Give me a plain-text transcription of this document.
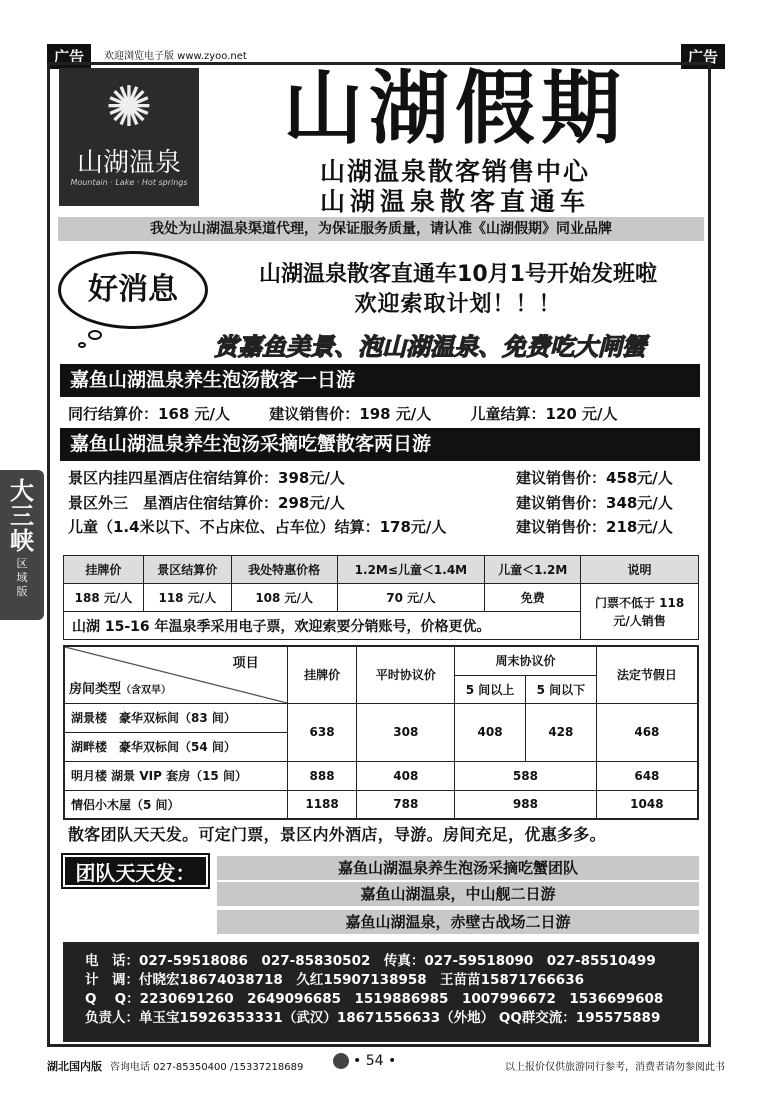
广告	欢迎浏览电子版 www.zyoo.net	广告
✺
山湖温泉
Mountain · Lake · Hot springs
山湖假期
山湖温泉散客销售中心
山湖温泉散客直通车
我处为山湖温泉渠道代理，为保证服务质量，请认准《山湖假期》同业品牌
好消息	山湖温泉散客直通车10月1号开始发班啦
欢迎索取计划！！！
赏嘉鱼美景、泡山湖温泉、免费吃大闸蟹
嘉鱼山湖温泉养生泡汤散客一日游
同行结算价：168 元/人	建议销售价：198 元/人	儿童结算：120 元/人
嘉鱼山湖温泉养生泡汤采摘吃蟹散客两日游
景区内挂四星酒店住宿结算价：398元/人	建议销售价：458元/人
景区外三　星酒店住宿结算价：298元/人	建议销售价：348元/人
儿童（1.4米以下、不占床位、占车位）结算：178元/人	建议销售价：218元/人
大
三
峡
区
域
版
挂牌价	景区结算价	我处特惠价格	1.2M≤儿童＜1.4M	儿童＜1.2M	说明
188 元/人	118 元/人	108 元/人	70 元/人	免费	门票不低于 118 元/人销售
山湖 15-16 年温泉季采用电子票，欢迎索要分销账号，价格更优。					
项目
房间类型（含双早）	挂牌价	平时协议价	周末协议价		法定节假日
			5 间以上	5 间以下	
湖景楼　豪华双标间（83 间）	638	308	408	428	468
湖畔楼　豪华双标间（54 间）					
明月楼 湖景 VIP 套房（15 间）	888	408	588		648
情侣小木屋（5 间）	1188	788	988		1048
散客团队天天发。可定门票，景区内外酒店，导游。房间充足，优惠多多。
团队天天发：	嘉鱼山湖温泉养生泡汤采摘吃蟹团队
嘉鱼山湖温泉，中山舰二日游
嘉鱼山湖温泉，赤壁古战场二日游
电　话：027-59518086　027-85830502　传真：027-59518090　027-85510499
计　调：付晓宏18674038718　久红15907138958　王苗苗15871766636
Q　 Q：2230691260　2649096685　1519886985　1007996672　1536699608
负责人：单玉宝15926353331（武汉）18671556633（外地） QQ群交流：195575889
湖北国内版 咨询电话 027-85350400 /15337218689	• 54 •	以上报价仅供旅游同行参考，消费者请勿参阅此书
